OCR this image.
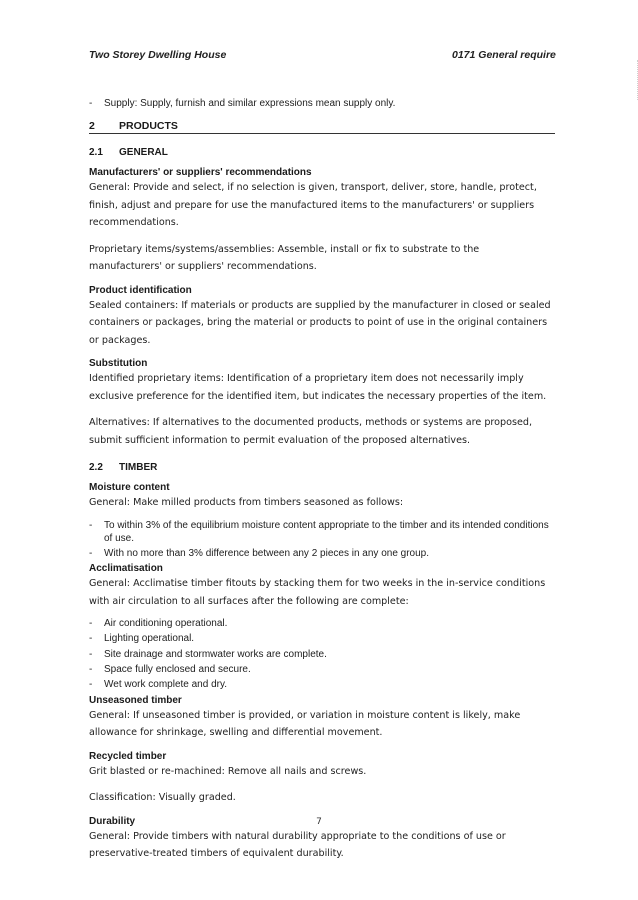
Two Storey Dwelling House	0171 General require
- Supply: Supply, furnish and similar expressions mean supply only.
2	PRODUCTS
2.1	GENERAL
Manufacturers' or suppliers' recommendations

General: Provide and select, if no selection is given, transport, deliver, store, handle, protect, finish, adjust and prepare for use the manufactured items to the manufacturers' or suppliers recommendations.

Proprietary items/systems/assemblies: Assemble, install or fix to substrate to the manufacturers' or suppliers' recommendations.

Product identification

Sealed containers: If materials or products are supplied by the manufacturer in closed or sealed containers or packages, bring the material or products to point of use in the original containers or packages.

Substitution

Identified proprietary items: Identification of a proprietary item does not necessarily imply exclusive preference for the identified item, but indicates the necessary properties of the item.

Alternatives: If alternatives to the documented products, methods or systems are proposed, submit sufficient information to permit evaluation of the proposed alternatives.

2.2	TIMBER
Moisture content

General: Make milled products from timbers seasoned as follows:

- To within 3% of the equilibrium moisture content appropriate to the timber and its intended conditions of use.
- With no more than 3% difference between any 2 pieces in any one group.
Acclimatisation

General: Acclimatise timber fitouts by stacking them for two weeks in the in-service conditions with air circulation to all surfaces after the following are complete:

- Air conditioning operational.
- Lighting operational.
- Site drainage and stormwater works are complete.
- Space fully enclosed and secure.
- Wet work complete and dry.
Unseasoned timber

General: If unseasoned timber is provided, or variation in moisture content is likely, make allowance for shrinkage, swelling and differential movement.

Recycled timber

Grit blasted or re-machined: Remove all nails and screws.

Classification: Visually graded.

Durability

General: Provide timbers with natural durability appropriate to the conditions of use or preservative-treated timbers of equivalent durability.

7
